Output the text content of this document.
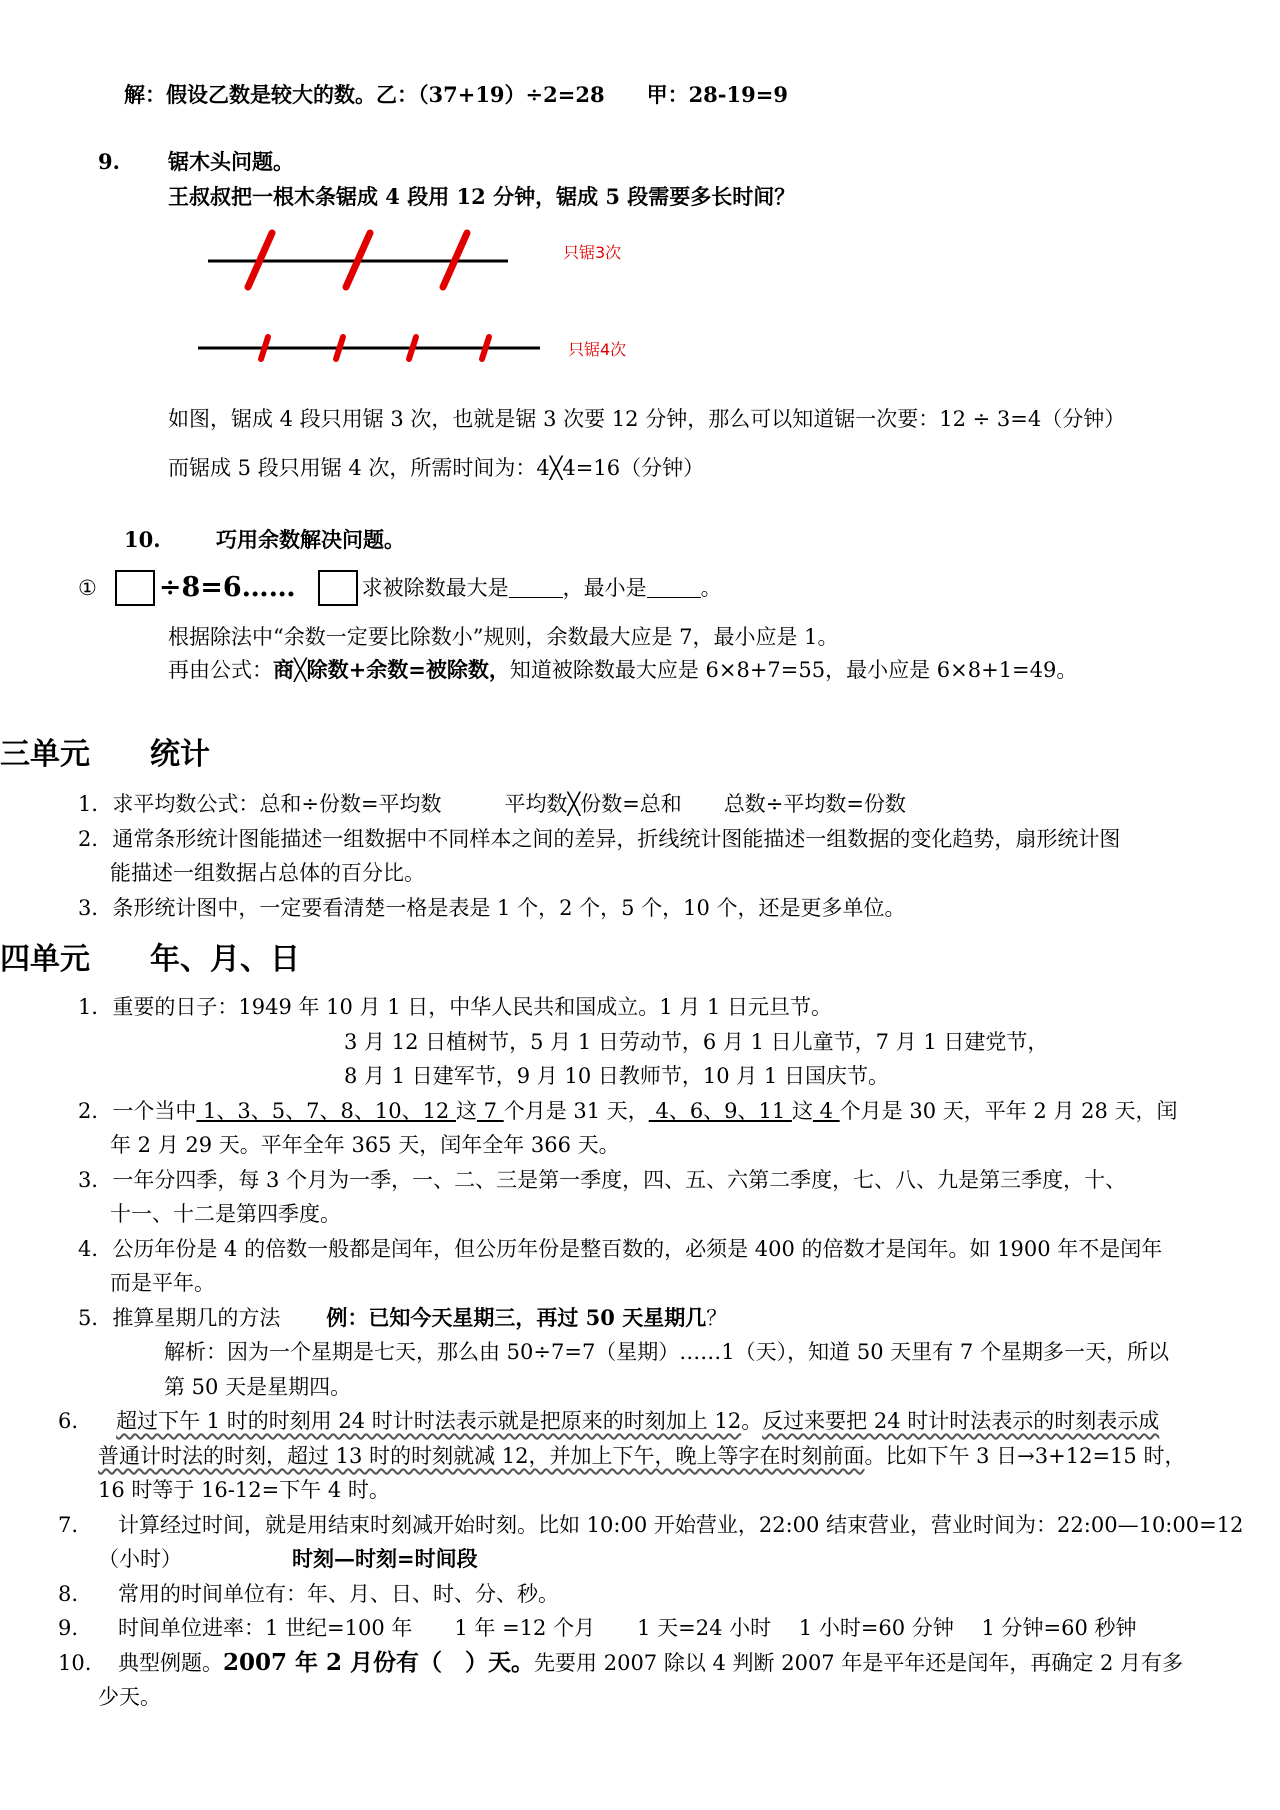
解：假设乙数是较大的数。乙：（37+19）÷2=28　　甲：28-19=9
9. 锯木头问题。
王叔叔把一根木条锯成 4 段用 12 分钟，锯成 5 段需要多长时间？
只锯3次
只锯4次
如图，锯成 4 段只用锯 3 次，也就是锯 3 次要 12 分钟，那么可以知道锯一次要：12 ÷ 3=4（分钟）
而锯成 5 段只用锯 4 次，所需时间为：4╳4=16（分钟）
10.	巧用余数解决问题。
① ÷8=6……	求被除数最大是	，最小是	。
根据除法中“余数一定要比除数小”规则，余数最大应是 7，最小应是 1。
再由公式：商╳除数+余数=被除数，知道被除数最大应是 6×8+7=55，最小应是 6×8+1=49。
三单元　　统计
1．求平均数公式：总和÷份数=平均数　　　平均数╳份数=总和　　总数÷平均数=份数
2．通常条形统计图能描述一组数据中不同样本之间的差异，折线统计图能描述一组数据的变化趋势，扇形统计图
能描述一组数据占总体的百分比。
3．条形统计图中，一定要看清楚一格是表是 1 个，2 个，5 个，10 个，还是更多单位。
四单元　　年、月、日
1．重要的日子：1949 年 10 月 1 日，中华人民共和国成立。1 月 1 日元旦节。
3 月 12 日植树节，5 月 1 日劳动节，6 月 1 日儿童节，7 月 1 日建党节，
8 月 1 日建军节，9 月 10 日教师节，10 月 1 日国庆节。
2．一个当中 1、3、5、7、8、10、12 这 7 个月是 31 天， 4、6、9、11 这 4 个月是 30 天，平年 2 月 28 天，闰
年 2 月 29 天。平年全年 365 天，闰年全年 366 天。
3．一年分四季，每 3 个月为一季，一、二、三是第一季度，四、五、六第二季度，七、八、九是第三季度，十、
十一、十二是第四季度。
4．公历年份是 4 的倍数一般都是闰年，但公历年份是整百数的，必须是 400 的倍数才是闰年。如 1900 年不是闰年
而是平年。
5．推算星期几的方法 例：已知今天星期三，再过 50 天星期几？
解析：因为一个星期是七天，那么由 50÷7=7（星期）……1（天），知道 50 天里有 7 个星期多一天，所以
第 50 天是星期四。
6. 超过下午 1 时的时刻用 24 时计时法表示就是把原来的时刻加上 12。反过来要把 24 时计时法表示的时刻表示成
普通计时法的时刻，超过 13 时的时刻就减 12，并加上下午，晚上等字在时刻前面。比如下午 3 日→3+12=15 时，
16 时等于 16-12=下午 4 时。
7. 计算经过时间，就是用结束时刻减开始时刻。比如 10:00 开始营业，22:00 结束营业，营业时间为：22:00—10:00=12
（小时）	时刻—时刻=时间段
8. 常用的时间单位有：年、月、日、时、分、秒。
9. 时间单位进率：1 世纪=100 年　　1 年 =12 个月　　1 天=24 小时　 1 小时=60 分钟　 1 分钟=60 秒钟
10. 典型例题。2007 年 2 月份有（　）天。先要用 2007 除以 4 判断 2007 年是平年还是闰年，再确定 2 月有多
少天。
